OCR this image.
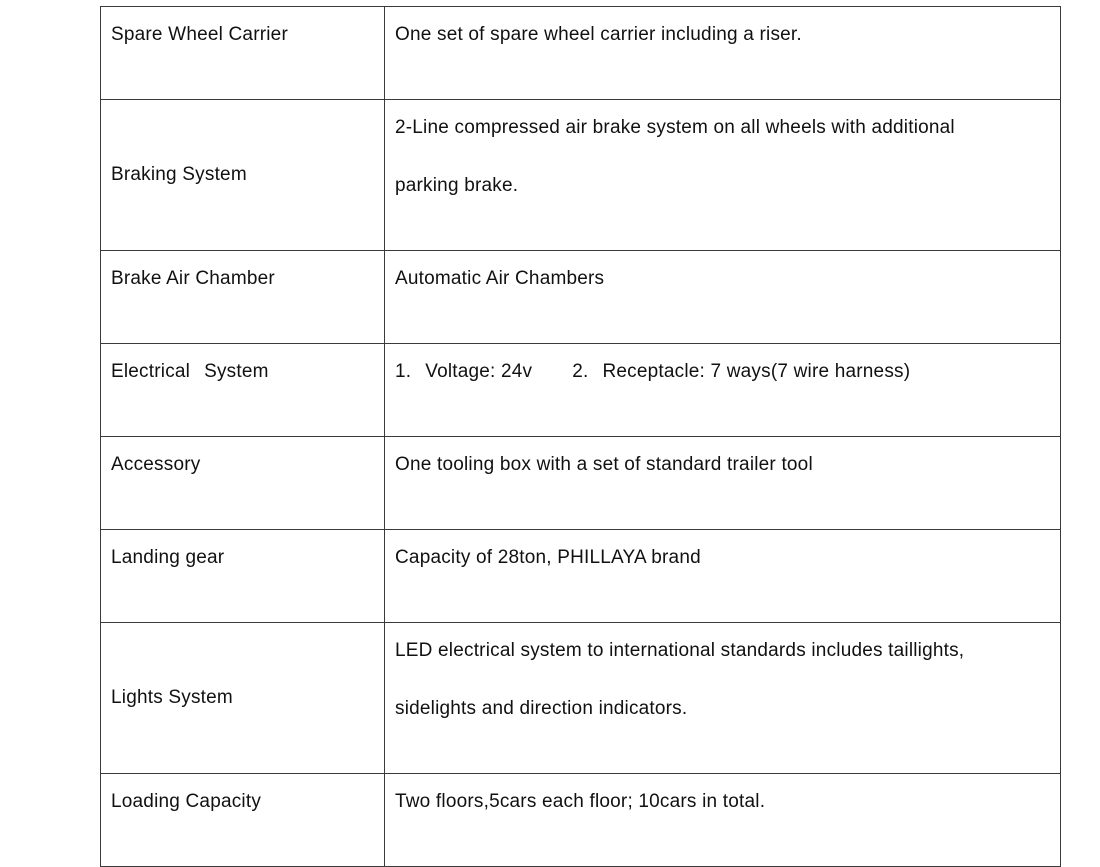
Spare Wheel Carrier	One set of spare wheel carrier including a riser.
Braking System	2-Line compressed air brake system on all wheels with additional
parking brake.

Brake Air Chamber	Automatic Air Chambers
Electrical System	1. Voltage: 24v 2. Receptacle: 7 ways(7 wire harness)
Accessory	One tooling box with a set of standard trailer tool
Landing gear	Capacity of 28ton, PHILLAYA brand
Lights System	LED electrical system to international standards includes taillights,
sidelights and direction indicators.

Loading Capacity	Two floors,5cars each floor; 10cars in total.
